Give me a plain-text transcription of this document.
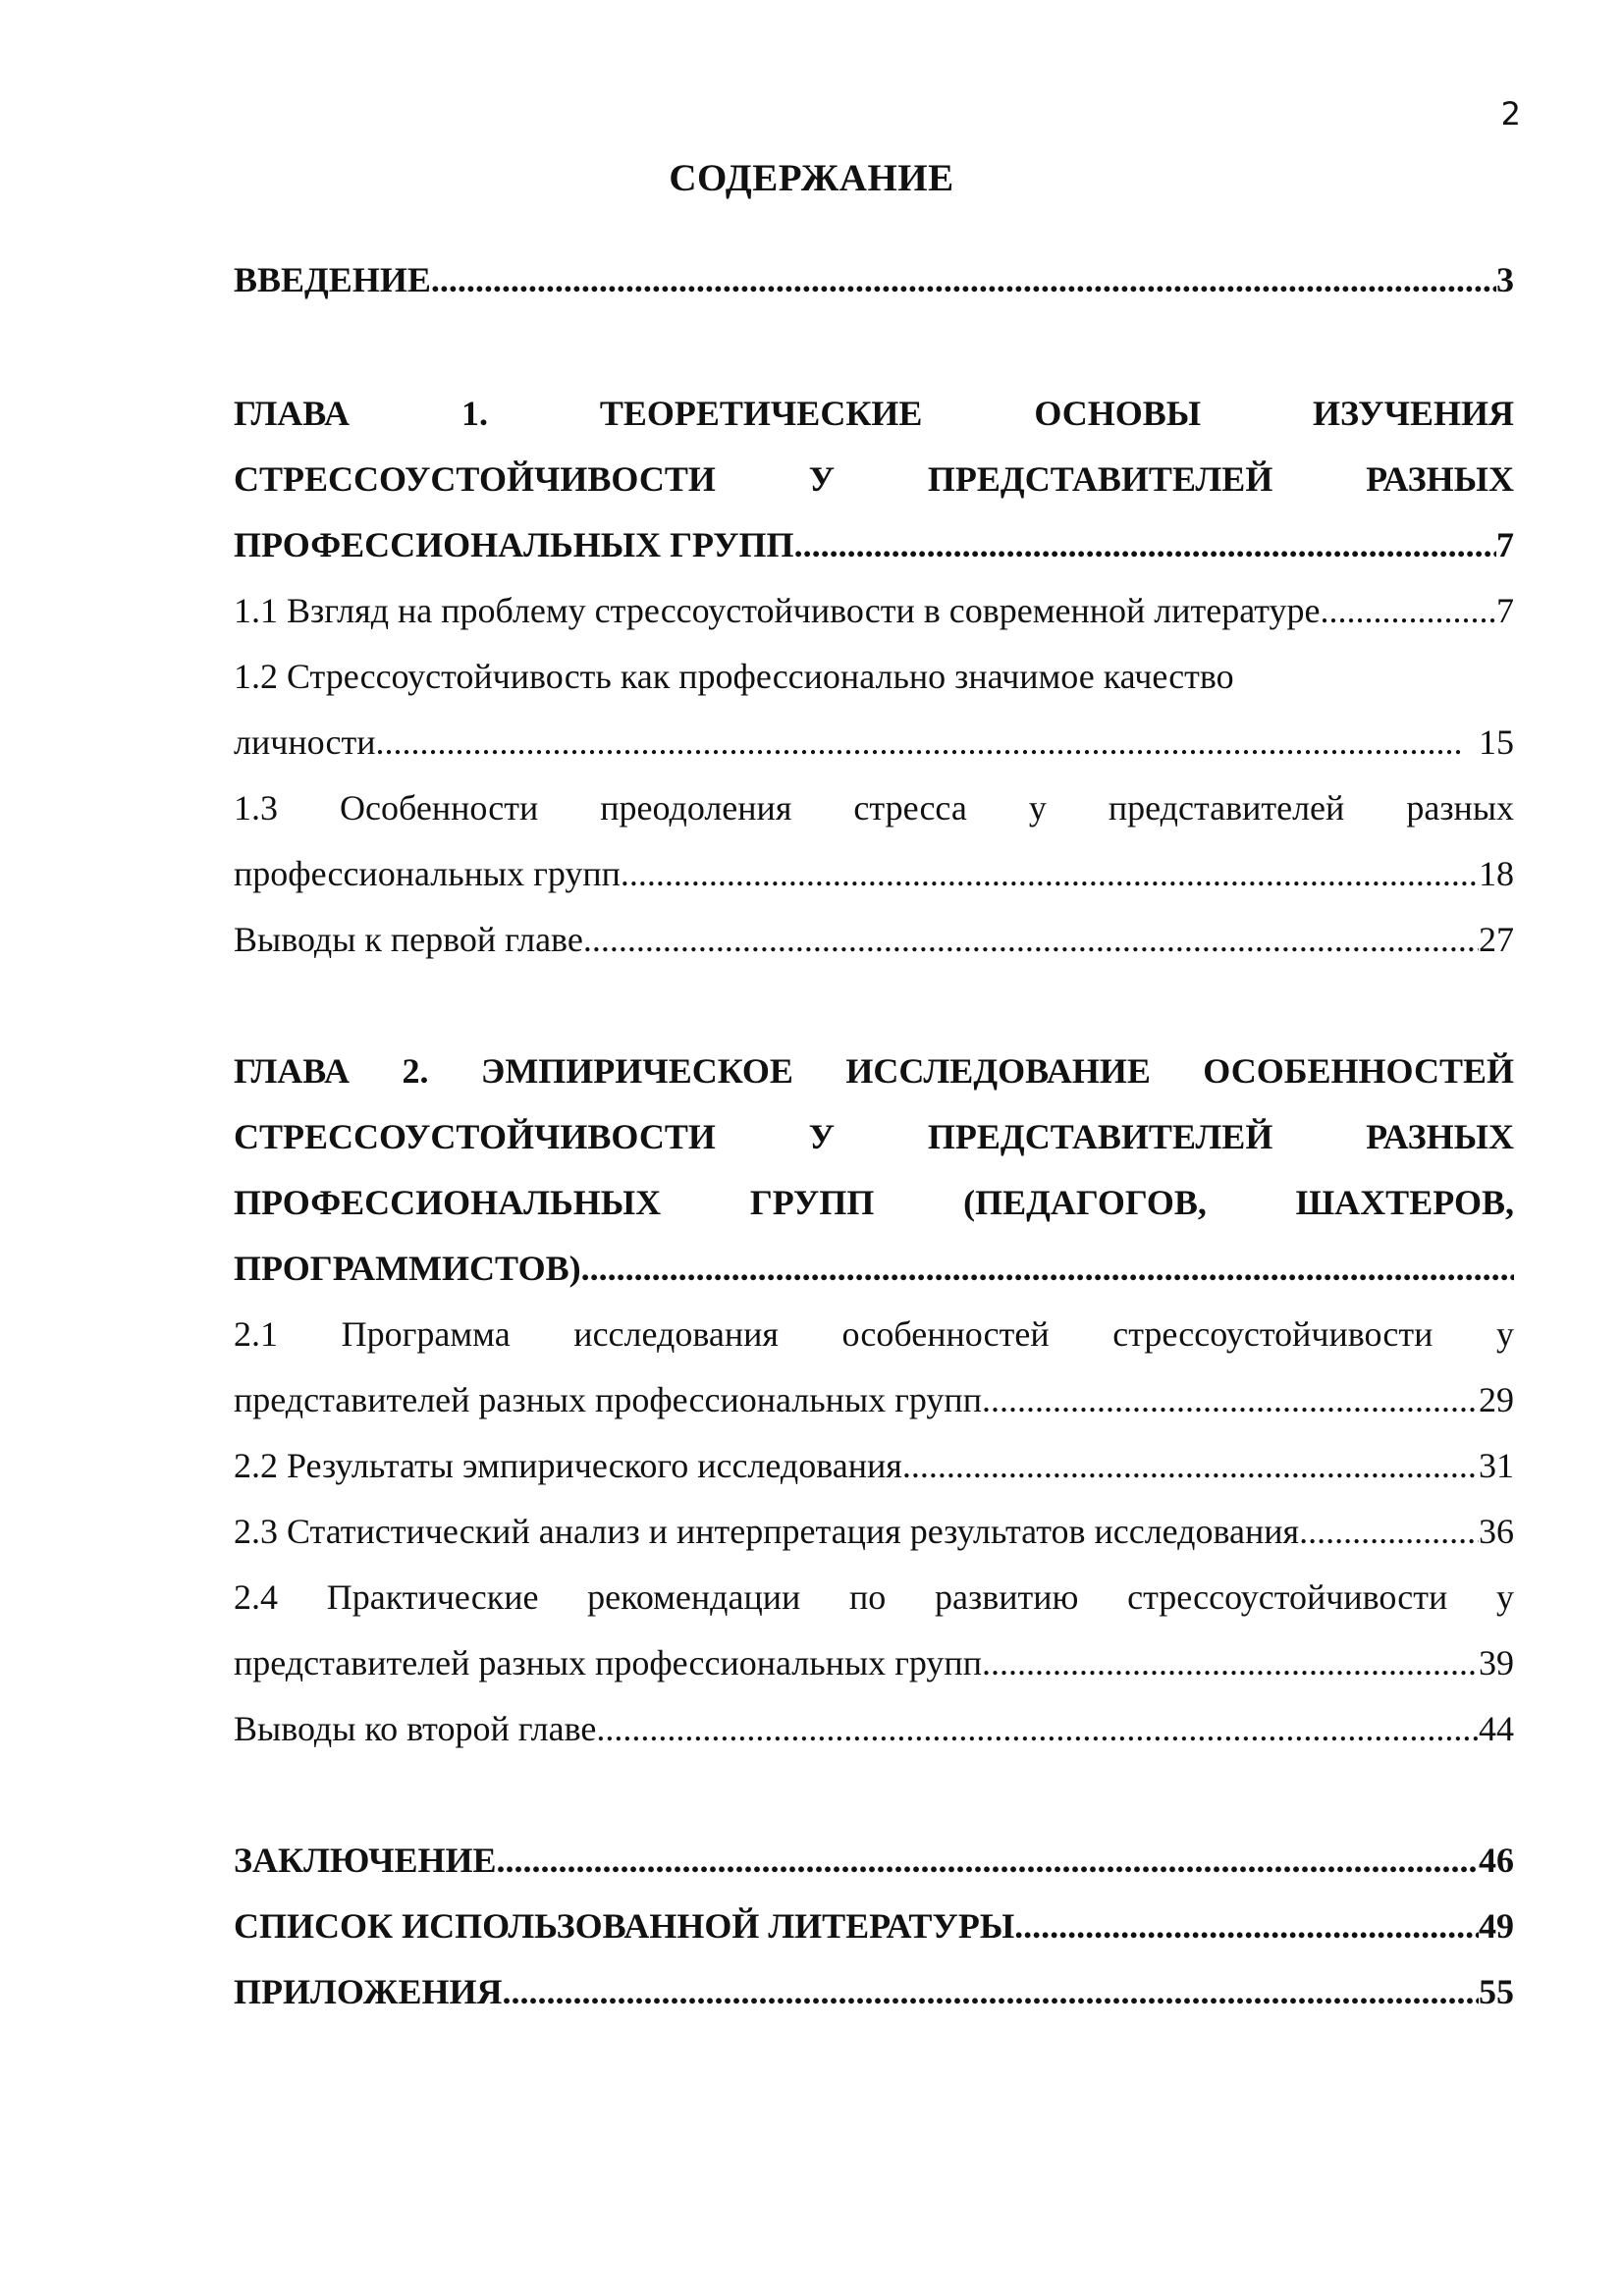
2
СОДЕРЖАНИЕ
ВВЕДЕНИЕ .....	3
ГЛАВА 1. ТЕОРЕТИЧЕСКИЕ ОСНОВЫ ИЗУЧЕНИЯ
СТРЕССОУСТОЙЧИВОСТИ У ПРЕДСТАВИТЕЛЕЙ РАЗНЫХ
ПРОФЕССИОНАЛЬНЫХ ГРУПП .....	7
1.1 Взгляд на проблему стрессоустойчивости в современной литературе .....	7
1.2 Стрессоустойчивость как профессионально значимое качество
личности .....	15
1.3 Особенности преодоления стресса у представителей разных
профессиональных групп .....	18
Выводы к первой главе .....	27
ГЛАВА 2. ЭМПИРИЧЕСКОЕ ИССЛЕДОВАНИЕ ОСОБЕННОСТЕЙ
СТРЕССОУСТОЙЧИВОСТИ У ПРЕДСТАВИТЕЛЕЙ РАЗНЫХ
ПРОФЕССИОНАЛЬНЫХ ГРУПП (ПЕДАГОГОВ, ШАХТЕРОВ,
ПРОГРАММИСТОВ)
.....
2.1 Программа исследования особенностей стрессоустойчивости у
представителей разных профессиональных групп .....	29
2.2 Результаты эмпирического исследования .....	31
2.3 Статистический анализ и интерпретация результатов исследования .....	36
2.4 Практические рекомендации по развитию стрессоустойчивости у
представителей разных профессиональных групп .....	39
Выводы ко второй главе .....	44
ЗАКЛЮЧЕНИЕ .....	46
СПИСОК ИСПОЛЬЗОВАННОЙ ЛИТЕРАТУРЫ .....	49
ПРИЛОЖЕНИЯ .....	55
